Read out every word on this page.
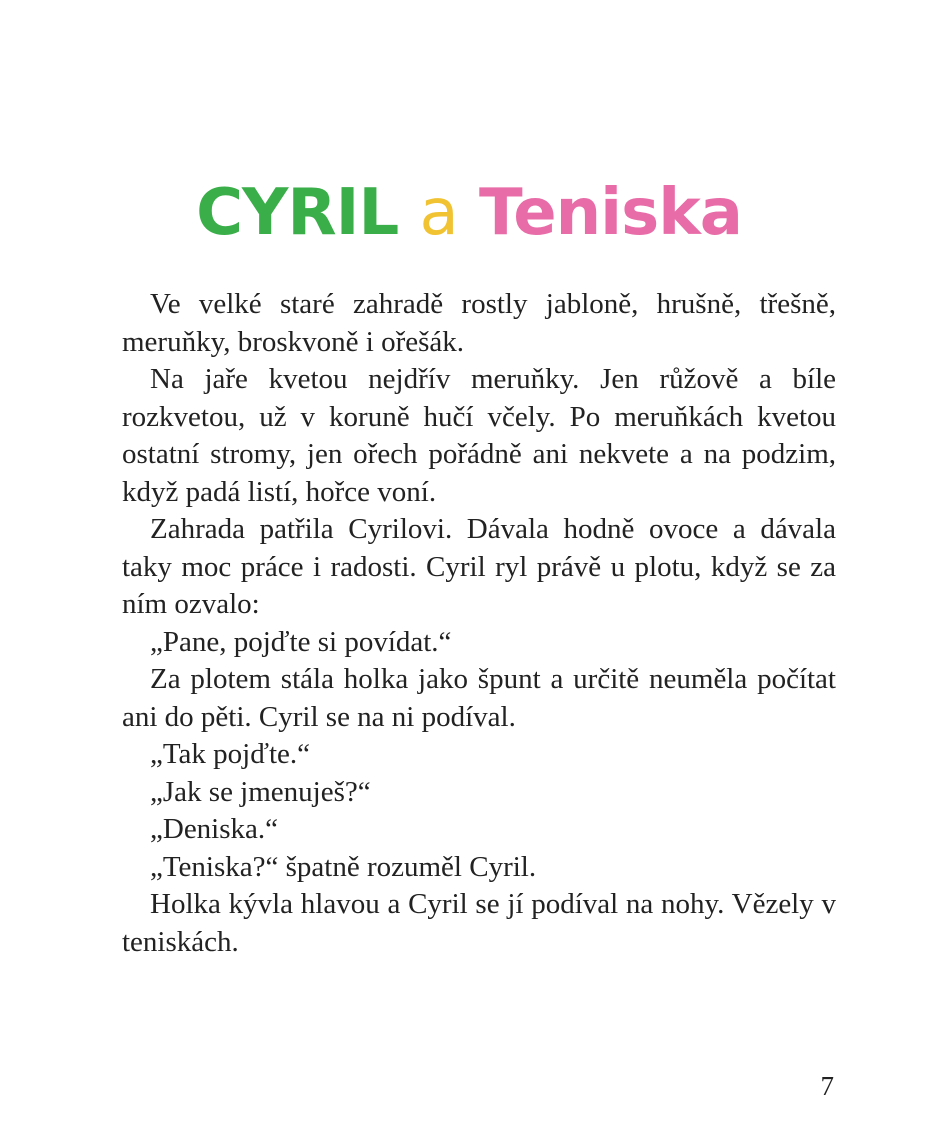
CYRIL a Teniska

Ve velké staré zahradě rostly jabloně, hrušně, třešně, meruňky, broskvoně i ořešák.

Na jaře kvetou nejdřív meruňky. Jen růžově a bíle rozkvetou, už v koruně hučí včely. Po meruňkách kvetou ostatní stromy, jen ořech pořádně ani nekvete a na podzim, když padá listí, hořce voní.

Zahrada patřila Cyrilovi. Dávala hodně ovoce a dávala taky moc práce i radosti. Cyril ryl právě u plotu, když se za ním ozvalo:

„Pane, pojďte si povídat.“

Za plotem stála holka jako špunt a určitě neuměla počítat ani do pěti. Cyril se na ni podíval.

„Tak pojďte.“

„Jak se jmenuješ?“

„Deniska.“

„Teniska?“ špatně rozuměl Cyril.

Holka kývla hlavou a Cyril se jí podíval na nohy. Vězely v teniskách.

7
